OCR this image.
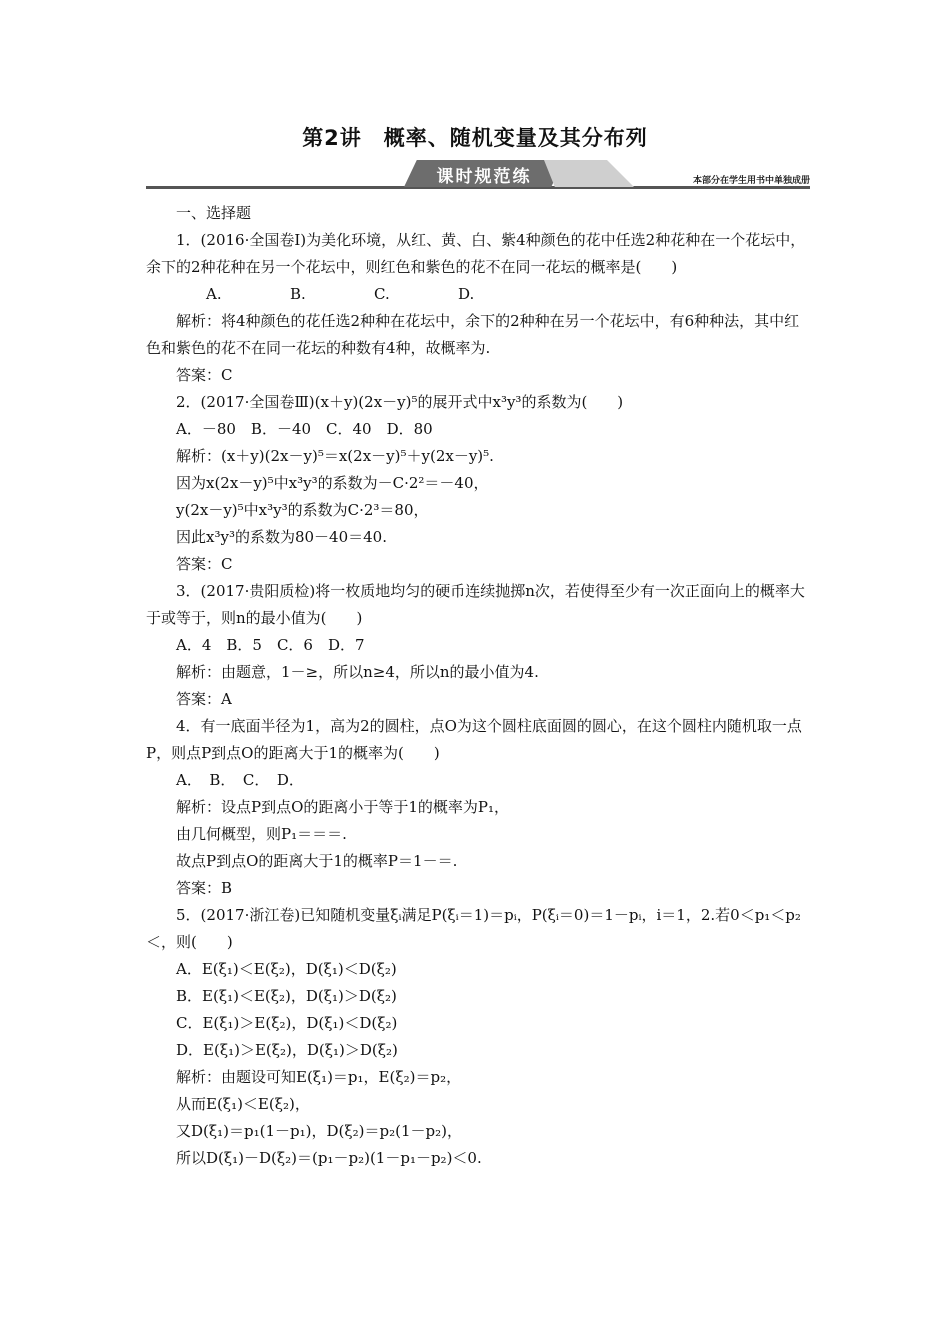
第2讲　概率、随机变量及其分布列
课时规范练	本部分在学生用书中单独成册

一、选择题

1．(2016·全国卷Ⅰ)为美化环境，从红、黄、白、紫4种颜色的花中任选2种花种在一个花坛中，余下的2种花种在另一个花坛中，则红色和紫色的花不在同一花坛的概率是(　　)

A.	B.	C.	D.

解析：将4种颜色的花任选2种种在花坛中，余下的2种种在另一个花坛中，有6种种法，其中红色和紫色的花不在同一花坛的种数有4种，故概率为.

答案：C

2．(2017·全国卷Ⅲ)(x＋y)(2x－y)⁵的展开式中x³y³的系数为(　　)

A．－80　B．－40　C．40　D．80

解析：(x＋y)(2x－y)⁵＝x(2x－y)⁵＋y(2x－y)⁵.

因为x(2x－y)⁵中x³y³的系数为－C·2²＝－40，

y(2x－y)⁵中x³y³的系数为C·2³＝80，

因此x³y³的系数为80－40＝40.

答案：C

3．(2017·贵阳质检)将一枚质地均匀的硬币连续抛掷n次，若使得至少有一次正面向上的概率大于或等于，则n的最小值为(　　)

A．4　B．5　C．6　D．7

解析：由题意，1－≥，所以n≥4，所以n的最小值为4.

答案：A

4．有一底面半径为1，高为2的圆柱，点O为这个圆柱底面圆的圆心，在这个圆柱内随机取一点P，则点P到点O的距离大于1的概率为(　　)

A．　B．　C．　D．

解析：设点P到点O的距离小于等于1的概率为P₁，

由几何概型，则P₁＝＝＝.

故点P到点O的距离大于1的概率P＝1－＝.

答案：B

5．(2017·浙江卷)已知随机变量ξᵢ满足P(ξᵢ＝1)＝pᵢ，P(ξᵢ＝0)＝1－pᵢ，i＝1，2.若0＜p₁＜p₂＜，则(　　)

A．E(ξ₁)＜E(ξ₂)，D(ξ₁)＜D(ξ₂)

B．E(ξ₁)＜E(ξ₂)，D(ξ₁)＞D(ξ₂)

C．E(ξ₁)＞E(ξ₂)，D(ξ₁)＜D(ξ₂)

D．E(ξ₁)＞E(ξ₂)，D(ξ₁)＞D(ξ₂)

解析：由题设可知E(ξ₁)＝p₁，E(ξ₂)＝p₂，

从而E(ξ₁)＜E(ξ₂)，

又D(ξ₁)＝p₁(1－p₁)，D(ξ₂)＝p₂(1－p₂)，

所以D(ξ₁)－D(ξ₂)＝(p₁－p₂)(1－p₁－p₂)＜0.
